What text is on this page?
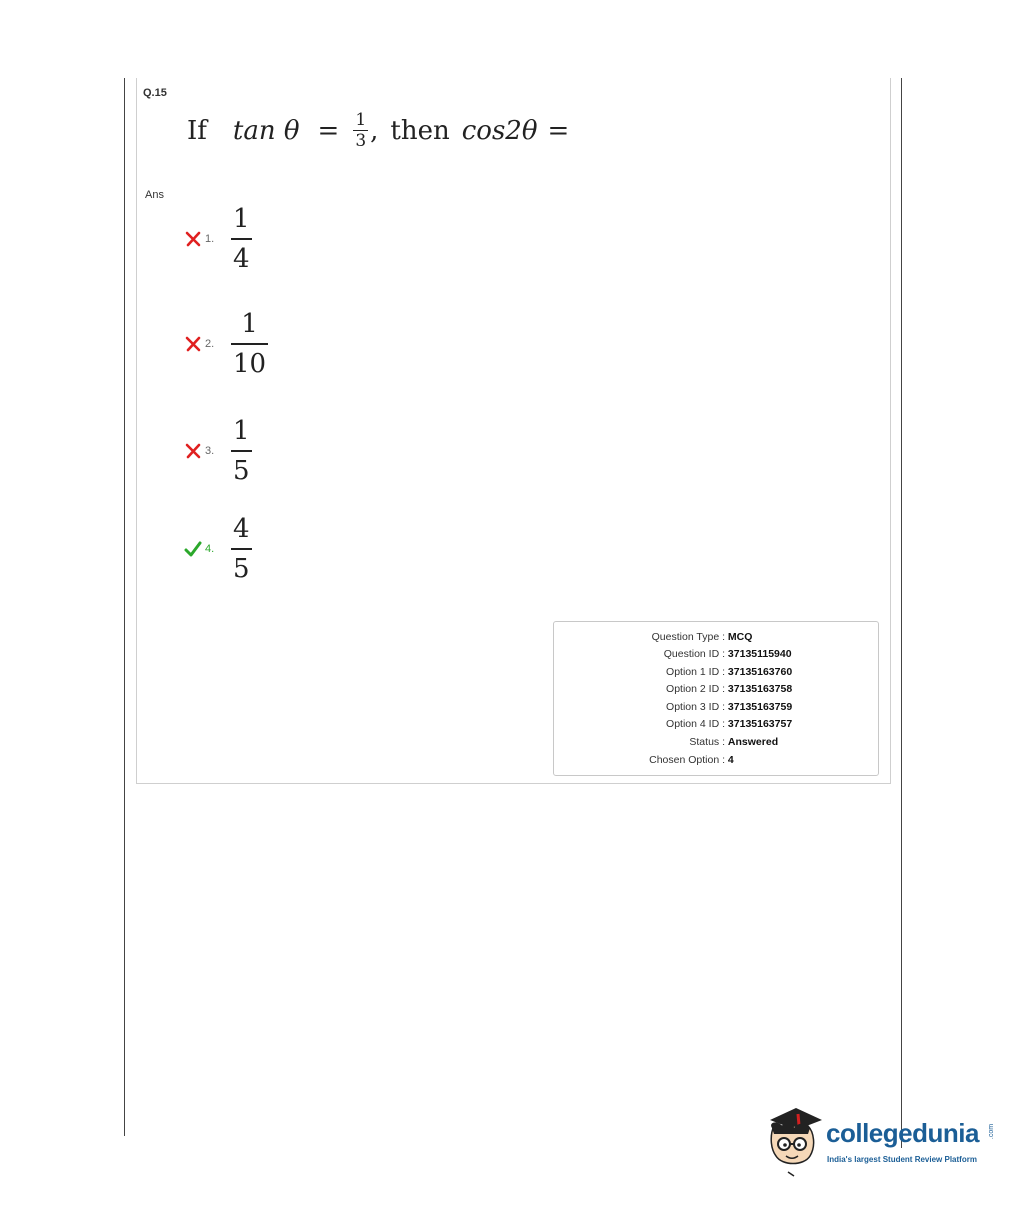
Q.15
If $\tan \theta = \frac{1}{3}$ , then cos2θ =
Ans
1. $\frac{1}{4}$
2. $\frac{1}{10}$
3. $\frac{1}{5}$
4. $\frac{4}{5}$
Question Type : MCQ
Question ID : 37135115940
Option 1 ID : 37135163760
Option 2 ID : 37135163758
Option 3 ID : 37135163759
Option 4 ID : 37135163757
Status : Answered
Chosen Option : 4
collegedunia .com
India's largest Student Review Platform
